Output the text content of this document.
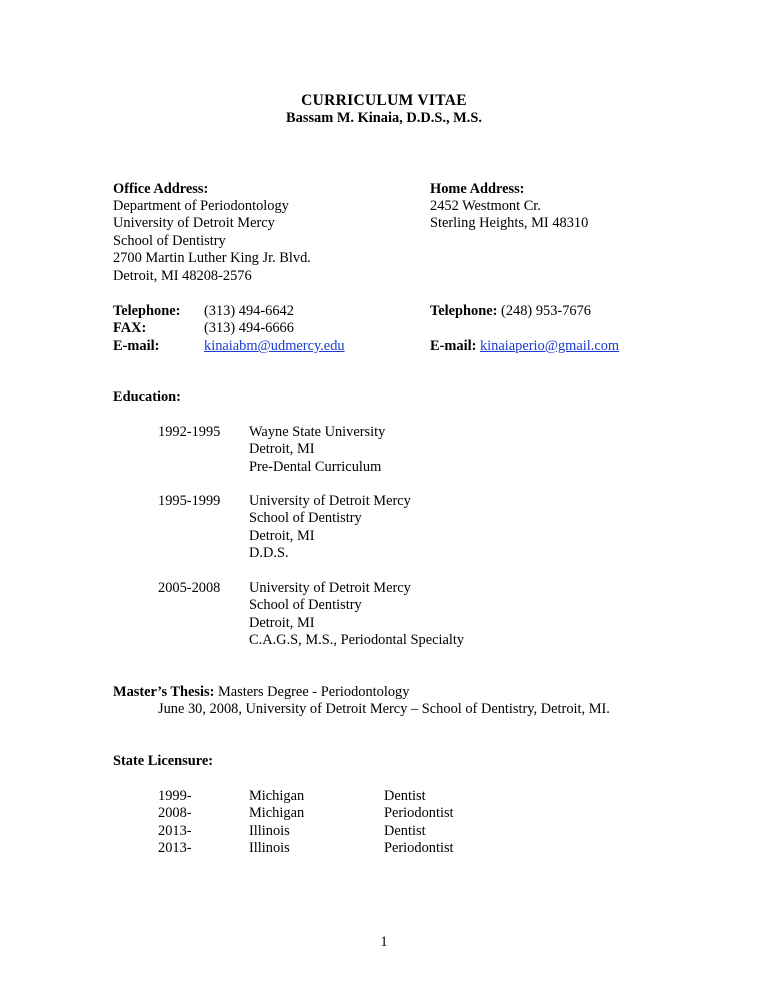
CURRICULUM VITAE
Bassam M. Kinaia, D.D.S., M.S.
Office Address:
Department of Periodontology
University of Detroit Mercy
School of Dentistry
2700 Martin Luther King Jr. Blvd.
Detroit, MI 48208-2576
Home Address:
2452 Westmont Cr.
Sterling Heights, MI 48310
Telephone: (313) 494-6642
FAX:	(313) 494-6666
E-mail:	kinaiabm@udmercy.edu
Telephone: (248) 953-7676
E-mail: kinaiaperio@gmail.com
Education:
1992-1995 Wayne State University
Detroit, MI
Pre-Dental Curriculum
1995-1999 University of Detroit Mercy
School of Dentistry
Detroit, MI
D.D.S.
2005-2008 University of Detroit Mercy
School of Dentistry
Detroit, MI
C.A.G.S, M.S., Periodontal Specialty
Master’s Thesis: Masters Degree - Periodontology
June 30, 2008, University of Detroit Mercy – School of Dentistry, Detroit, MI.
State Licensure:
1999-
2008-
2013-
2013-
Michigan
Michigan
Illinois
Illinois
Dentist
Periodontist
Dentist
Periodontist
1
